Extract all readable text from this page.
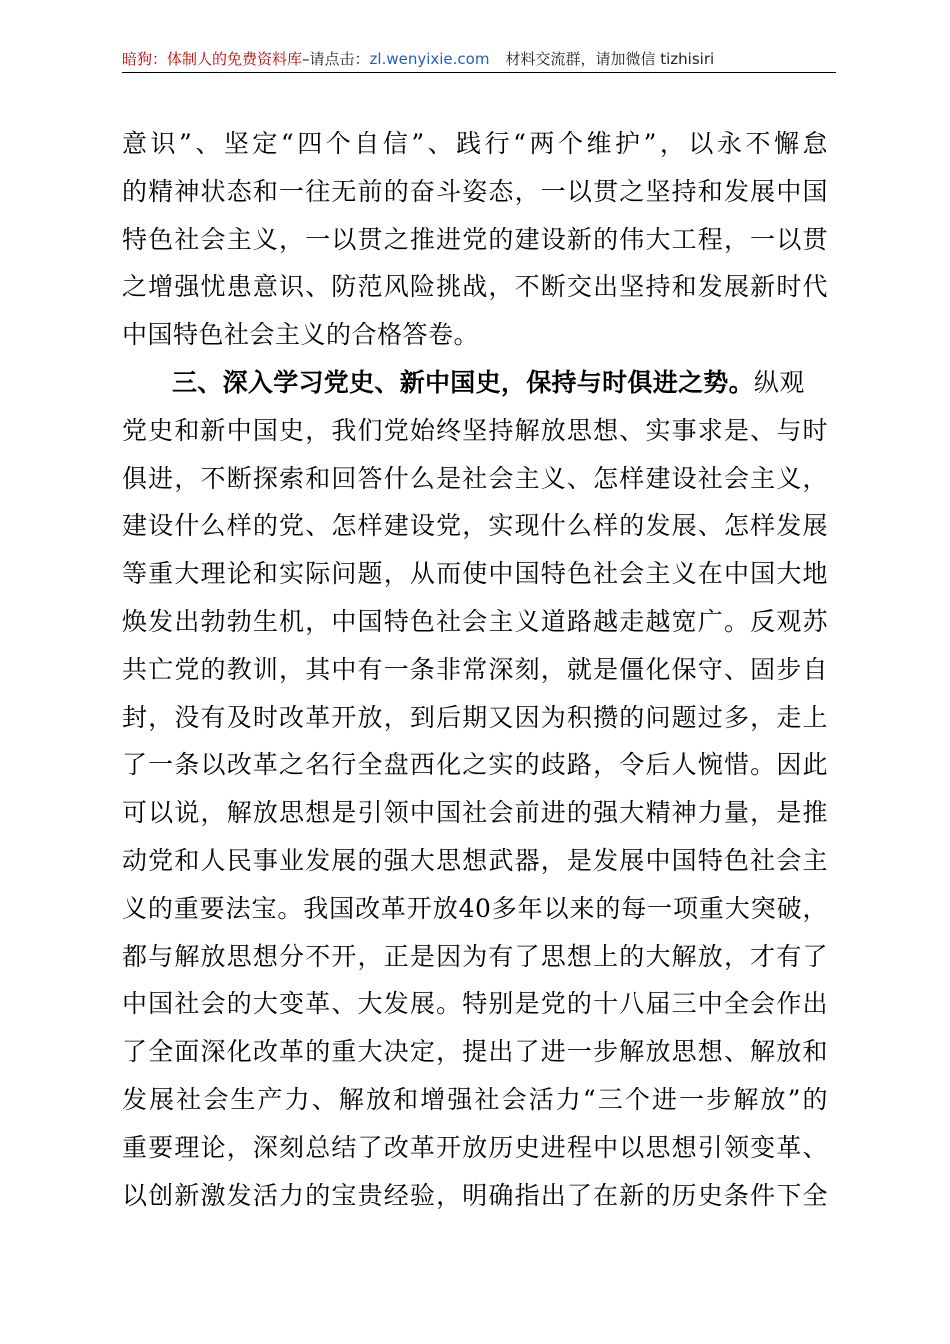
暗狗：体制人的免费资料库–请点击：zl.wenyixie.com 材料交流群，请加微信 tizhisiri
意识”、坚定“四个自信”、践行“两个维护”，以永不懈怠
的精神状态和一往无前的奋斗姿态，一以贯之坚持和发展中国
特色社会主义，一以贯之推进党的建设新的伟大工程，一以贯
之增强忧患意识、防范风险挑战，不断交出坚持和发展新时代
中国特色社会主义的合格答卷。
三、深入学习党史、新中国史，保持与时俱进之势。纵观
党史和新中国史，我们党始终坚持解放思想、实事求是、与时
俱进，不断探索和回答什么是社会主义、怎样建设社会主义，
建设什么样的党、怎样建设党，实现什么样的发展、怎样发展
等重大理论和实际问题，从而使中国特色社会主义在中国大地
焕发出勃勃生机，中国特色社会主义道路越走越宽广。反观苏
共亡党的教训，其中有一条非常深刻，就是僵化保守、固步自
封，没有及时改革开放，到后期又因为积攒的问题过多，走上
了一条以改革之名行全盘西化之实的歧路，令后人惋惜。因此
可以说，解放思想是引领中国社会前进的强大精神力量，是推
动党和人民事业发展的强大思想武器，是发展中国特色社会主
义的重要法宝。我国改革开放40多年以来的每一项重大突破，
都与解放思想分不开，正是因为有了思想上的大解放，才有了
中国社会的大变革、大发展。特别是党的十八届三中全会作出
了全面深化改革的重大决定，提出了进一步解放思想、解放和
发展社会生产力、解放和增强社会活力“三个进一步解放”的
重要理论，深刻总结了改革开放历史进程中以思想引领变革、
以创新激发活力的宝贵经验，明确指出了在新的历史条件下全
